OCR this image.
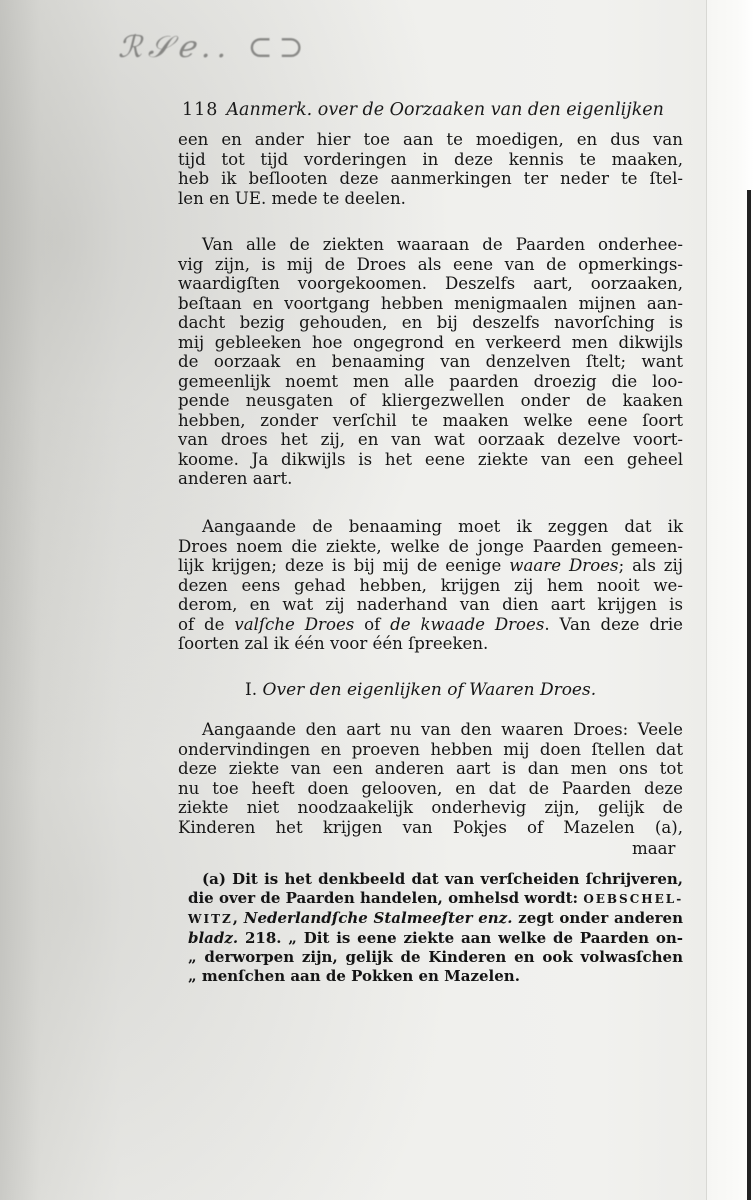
ℛ𝒮ℯ.. ⊂⊃
118 Aanmerk. over de Oorzaaken van den eigenlijken
een en ander hier toe aan te moedigen, en dus van
tijd tot tijd vorderingen in deze kennis te maaken,
heb ik beſlooten deze aanmerkingen ter neder te ſtel-
len en UE. mede te deelen.
Van alle de ziekten waaraan de Paarden onderhee-
vig zijn, is mij de Droes als eene van de opmerkings-
waardigſten voorgekoomen. Deszelfs aart, oorzaaken,
beſtaan en voortgang hebben menigmaalen mijnen aan-
dacht bezig gehouden, en bij deszelfs navorſching is
mij gebleeken hoe ongegrond en verkeerd men dikwijls
de oorzaak en benaaming van denzelven ſtelt; want
gemeenlijk noemt men alle paarden droezig die loo-
pende neusgaten of kliergezwellen onder de kaaken
hebben, zonder verſchil te maaken welke eene ſoort
van droes het zij, en van wat oorzaak dezelve voort-
koome. Ja dikwijls is het eene ziekte van een geheel
anderen aart.
Aangaande de benaaming moet ik zeggen dat ik
Droes noem die ziekte, welke de jonge Paarden gemeen-
lijk krijgen; deze is bij mij de eenige waare Droes; als zij
dezen eens gehad hebben, krijgen zij hem nooit we-
derom, en wat zij naderhand van dien aart krijgen is
of de valſche Droes of de kwaade Droes. Van deze drie
ſoorten zal ik één voor één ſpreeken.
I. Over den eigenlijken of Waaren Droes.
Aangaande den aart nu van den waaren Droes: Veele
ondervindingen en proeven hebben mij doen ſtellen dat
deze ziekte van een anderen aart is dan men ons tot
nu toe heeft doen gelooven, en dat de Paarden deze
ziekte niet noodzaakelijk onderhevig zijn, gelijk de
Kinderen het krijgen van Pokjes of Mazelen (a),
maar
(a) Dit is het denkbeeld dat van verſcheiden ſchrijveren,
die over de Paarden handelen, omhelsd wordt: OEBSCHEL-
WITZ, Nederlandſche Stalmeeſter enz. zegt onder anderen
bladz. 218. „ Dit is eene ziekte aan welke de Paarden on-
„ derworpen zijn, gelijk de Kinderen en ook volwasſchen
„ menſchen aan de Pokken en Mazelen.
